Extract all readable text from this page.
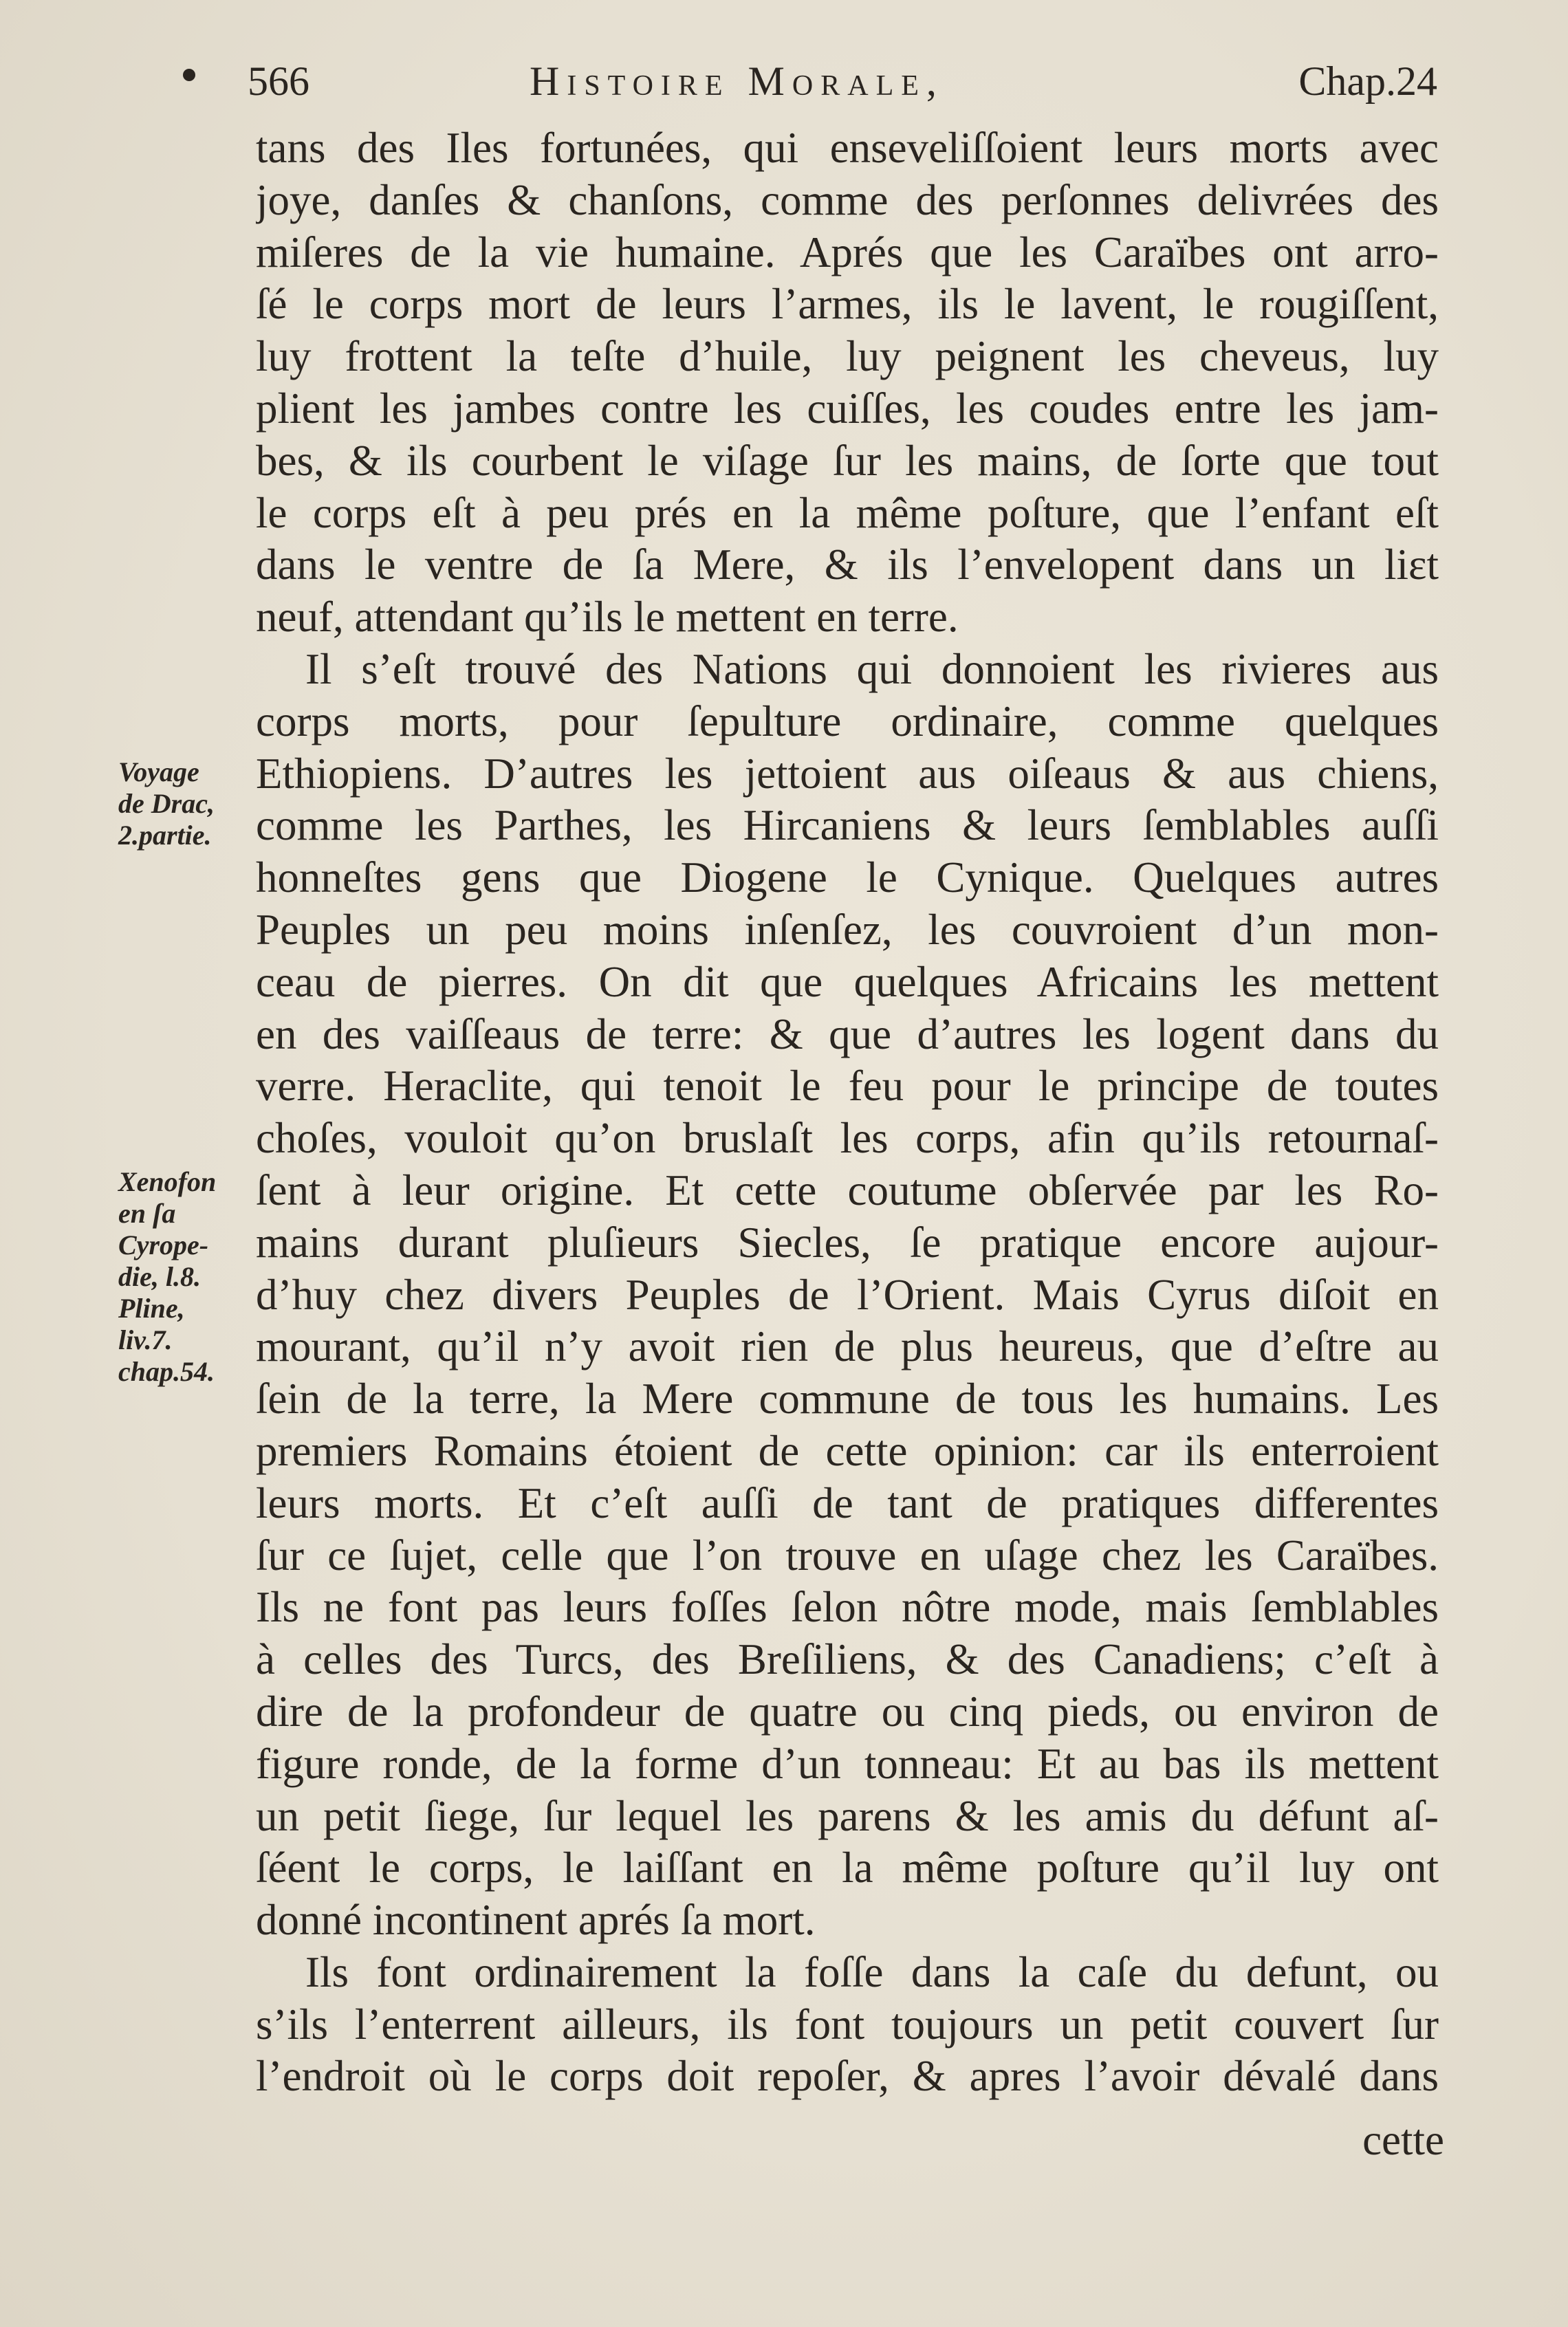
566	Histoire Morale,	Chap.24
Voyage
de Drac,
2.partie.
Xenofon
en ſa
Cyrope-
die, l.8.
Pline,
liv.7.
chap.54.
tans des Iles fortunées, qui enseveliſſoient leurs morts avec
joye, danſes & chanſons, comme des perſonnes delivrées des
miſeres de la vie humaine. Aprés que les Caraïbes ont arro-
ſé le corps mort de leurs l’armes, ils le lavent, le rougiſſent,
luy frottent la teſte d’huile, luy peignent les cheveus, luy
plient les jambes contre les cuiſſes, les coudes entre les jam-
bes, & ils courbent le viſage ſur les mains, de ſorte que tout
le corps eſt à peu prés en la même poſture, que l’enfant eſt
dans le ventre de ſa Mere, & ils l’envelopent dans un liɛt
neuf, attendant qu’ils le mettent en terre.
Il s’eſt trouvé des Nations qui donnoient les rivieres aus
corps morts, pour ſepulture ordinaire, comme quelques
Ethiopiens. D’autres les jettoient aus oiſeaus & aus chiens,
comme les Parthes, les Hircaniens & leurs ſemblables auſſi
honneſtes gens que Diogene le Cynique. Quelques autres
Peuples un peu moins inſenſez, les couvroient d’un mon-
ceau de pierres. On dit que quelques Africains les mettent
en des vaiſſeaus de terre: & que d’autres les logent dans du
verre. Heraclite, qui tenoit le feu pour le principe de toutes
choſes, vouloit qu’on bruslaſt les corps, afin qu’ils retournaſ-
ſent à leur origine. Et cette coutume obſervée par les Ro-
mains durant pluſieurs Siecles, ſe pratique encore aujour-
d’huy chez divers Peuples de l’Orient. Mais Cyrus diſoit en
mourant, qu’il n’y avoit rien de plus heureus, que d’eſtre au
ſein de la terre, la Mere commune de tous les humains. Les
premiers Romains étoient de cette opinion: car ils enterroient
leurs morts. Et c’eſt auſſi de tant de pratiques differentes
ſur ce ſujet, celle que l’on trouve en uſage chez les Caraïbes.
Ils ne font pas leurs foſſes ſelon nôtre mode, mais ſemblables
à celles des Turcs, des Breſiliens, & des Canadiens; c’eſt à
dire de la profondeur de quatre ou cinq pieds, ou environ de
figure ronde, de la forme d’un tonneau: Et au bas ils mettent
un petit ſiege, ſur lequel les parens & les amis du défunt aſ-
ſéent le corps, le laiſſant en la même poſture qu’il luy ont
donné incontinent aprés ſa mort.
Ils font ordinairement la foſſe dans la caſe du defunt, ou
s’ils l’enterrent ailleurs, ils font toujours un petit couvert ſur
l’endroit où le corps doit repoſer, & apres l’avoir dévalé dans
cette
